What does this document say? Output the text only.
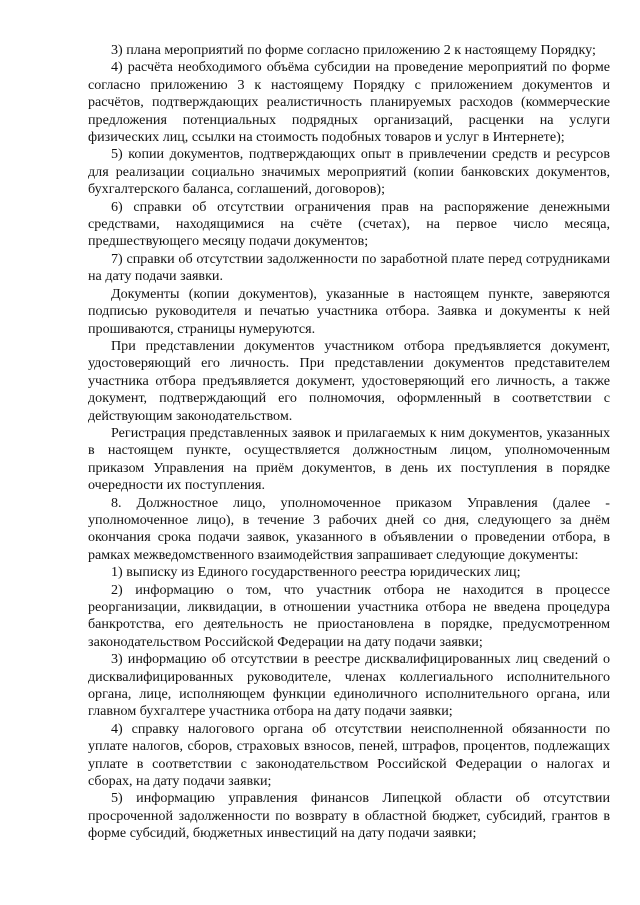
3) плана мероприятий по форме согласно приложению 2 к настоящему Порядку;

4) расчёта необходимого объёма субсидии на проведение мероприятий по форме согласно приложению 3 к настоящему Порядку с приложением документов и расчётов, подтверждающих реалистичность планируемых расходов (коммерческие предложения потенциальных подрядных организаций, расценки на услуги физических лиц, ссылки на стоимость подобных товаров и услуг в Интернете);

5) копии документов, подтверждающих опыт в привлечении средств и ресурсов для реализации социально значимых мероприятий (копии банковских документов, бухгалтерского баланса, соглашений, договоров);

6) справки об отсутствии ограничения прав на распоряжение денежными средствами, находящимися на счёте (счетах), на первое число месяца, предшествующего месяцу подачи документов;

7) справки об отсутствии задолженности по заработной плате перед сотрудниками на дату подачи заявки.

Документы (копии документов), указанные в настоящем пункте, заверяются подписью руководителя и печатью участника отбора. Заявка и документы к ней прошиваются, страницы нумеруются.

При представлении документов участником отбора предъявляется документ, удостоверяющий его личность. При представлении документов представителем участника отбора предъявляется документ, удостоверяющий его личность, а также документ, подтверждающий его полномочия, оформленный в соответствии с действующим законодательством.

Регистрация представленных заявок и прилагаемых к ним документов, указанных в настоящем пункте, осуществляется должностным лицом, уполномоченным приказом Управления на приём документов, в день их поступления в порядке очередности их поступления.

8. Должностное лицо, уполномоченное приказом Управления (далее - уполномоченное лицо), в течение 3 рабочих дней со дня, следующего за днём окончания срока подачи заявок, указанного в объявлении о проведении отбора, в рамках межведомственного взаимодействия запрашивает следующие документы:

1) выписку из Единого государственного реестра юридических лиц;

2) информацию о том, что участник отбора не находится в процессе реорганизации, ликвидации, в отношении участника отбора не введена процедура банкротства, его деятельность не приостановлена в порядке, предусмотренном законодательством Российской Федерации на дату подачи заявки;

3) информацию об отсутствии в реестре дисквалифицированных лиц сведений о дисквалифицированных руководителе, членах коллегиального исполнительного органа, лице, исполняющем функции единоличного исполнительного органа, или главном бухгалтере участника отбора на дату подачи заявки;

4) справку налогового органа об отсутствии неисполненной обязанности по уплате налогов, сборов, страховых взносов, пеней, штрафов, процентов, подлежащих уплате в соответствии с законодательством Российской Федерации о налогах и сборах, на дату подачи заявки;

5) информацию управления финансов Липецкой области об отсутствии просроченной задолженности по возврату в областной бюджет, субсидий, грантов в форме субсидий, бюджетных инвестиций на дату подачи заявки;
